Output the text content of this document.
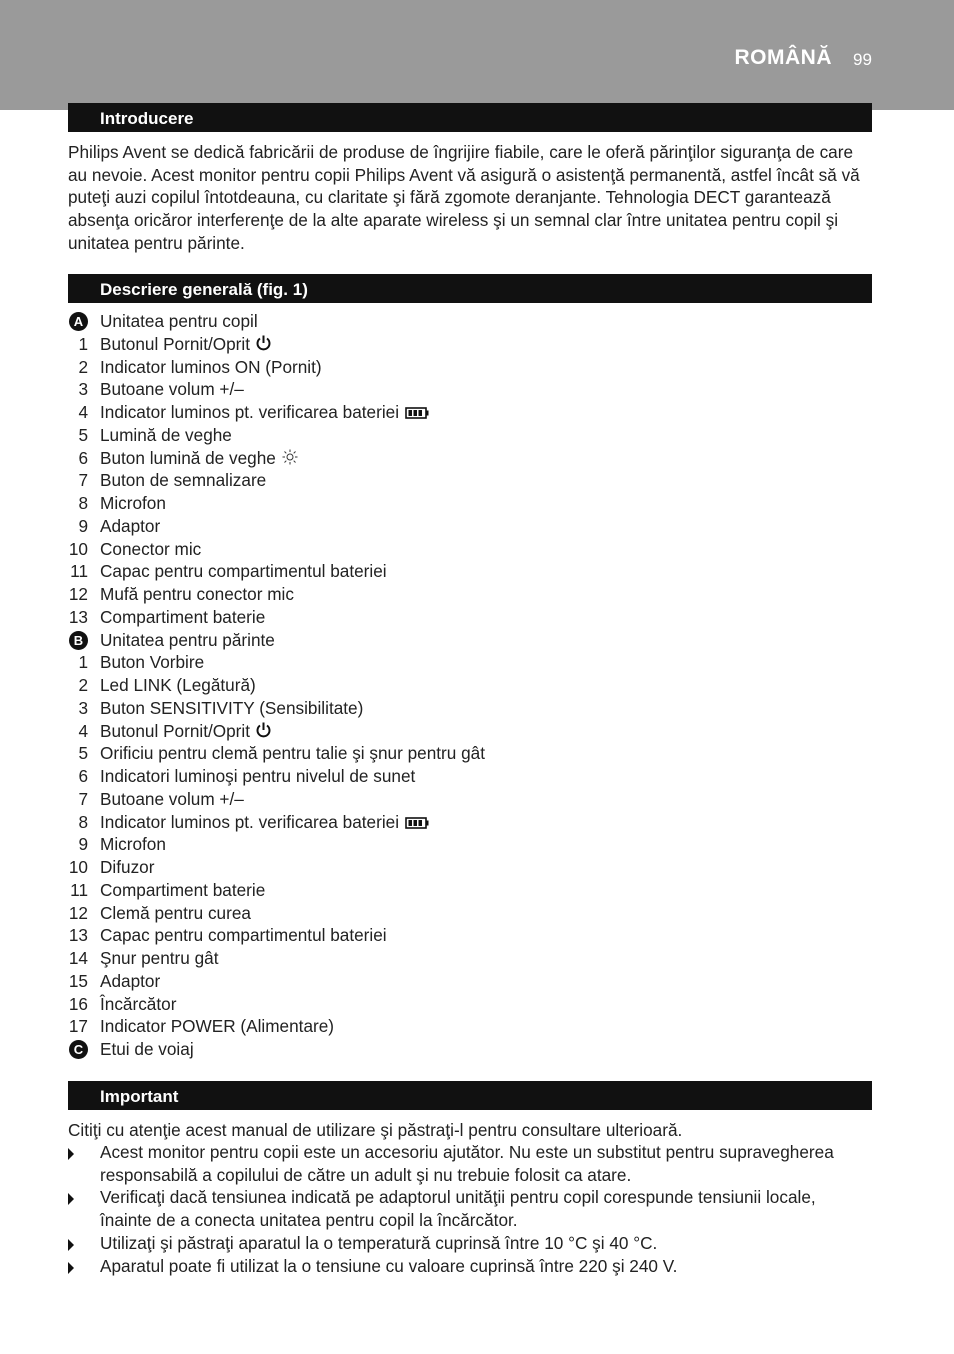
ROMÂNĂ 99
Introducere
Philips Avent se dedică fabricării de produse de îngrijire fiabile, care le oferă părinţilor siguranţa de care au nevoie. Acest monitor pentru copii Philips Avent vă asigură o asistenţă permanentă, astfel încât să vă puteţi auzi copilul întotdeauna, cu claritate şi fără zgomote deranjante. Tehnologia DECT garantează absenţa oricăror interferenţe de la alte aparate wireless şi un semnal clar între unitatea pentru copil şi unitatea pentru părinte.
Descriere generală (fig. 1)
A Unitatea pentru copil
1 Butonul Pornit/Oprit
2 Indicator luminos ON (Pornit)
3 Butoane volum +/–
4 Indicator luminos pt. verificarea bateriei
5 Lumină de veghe
6 Buton lumină de veghe
7 Buton de semnalizare
8 Microfon
9 Adaptor
10 Conector mic
11 Capac pentru compartimentul bateriei
12 Mufă pentru conector mic
13 Compartiment baterie
B Unitatea pentru părinte
1 Buton Vorbire
2 Led LINK (Legătură)
3 Buton SENSITIVITY (Sensibilitate)
4 Butonul Pornit/Oprit
5 Orificiu pentru clemă pentru talie şi şnur pentru gât
6 Indicatori luminoşi pentru nivelul de sunet
7 Butoane volum +/–
8 Indicator luminos pt. verificarea bateriei
9 Microfon
10 Difuzor
11 Compartiment baterie
12 Clemă pentru curea
13 Capac pentru compartimentul bateriei
14 Şnur pentru gât
15 Adaptor
16 Încărcător
17 Indicator POWER (Alimentare)
C Etui de voiaj
Important
Citiţi cu atenţie acest manual de utilizare şi păstraţi-l pentru consultare ulterioară.
Acest monitor pentru copii este un accesoriu ajutător. Nu este un substitut pentru supravegherea responsabilă a copilului de către un adult şi nu trebuie folosit ca atare.
Verificaţi dacă tensiunea indicată pe adaptorul unităţii pentru copil corespunde tensiunii locale, înainte de a conecta unitatea pentru copil la încărcător.
Utilizaţi şi păstraţi aparatul la o temperatură cuprinsă între 10 °C şi 40 °C.
Aparatul poate fi utilizat la o tensiune cu valoare cuprinsă între 220 şi 240 V.
